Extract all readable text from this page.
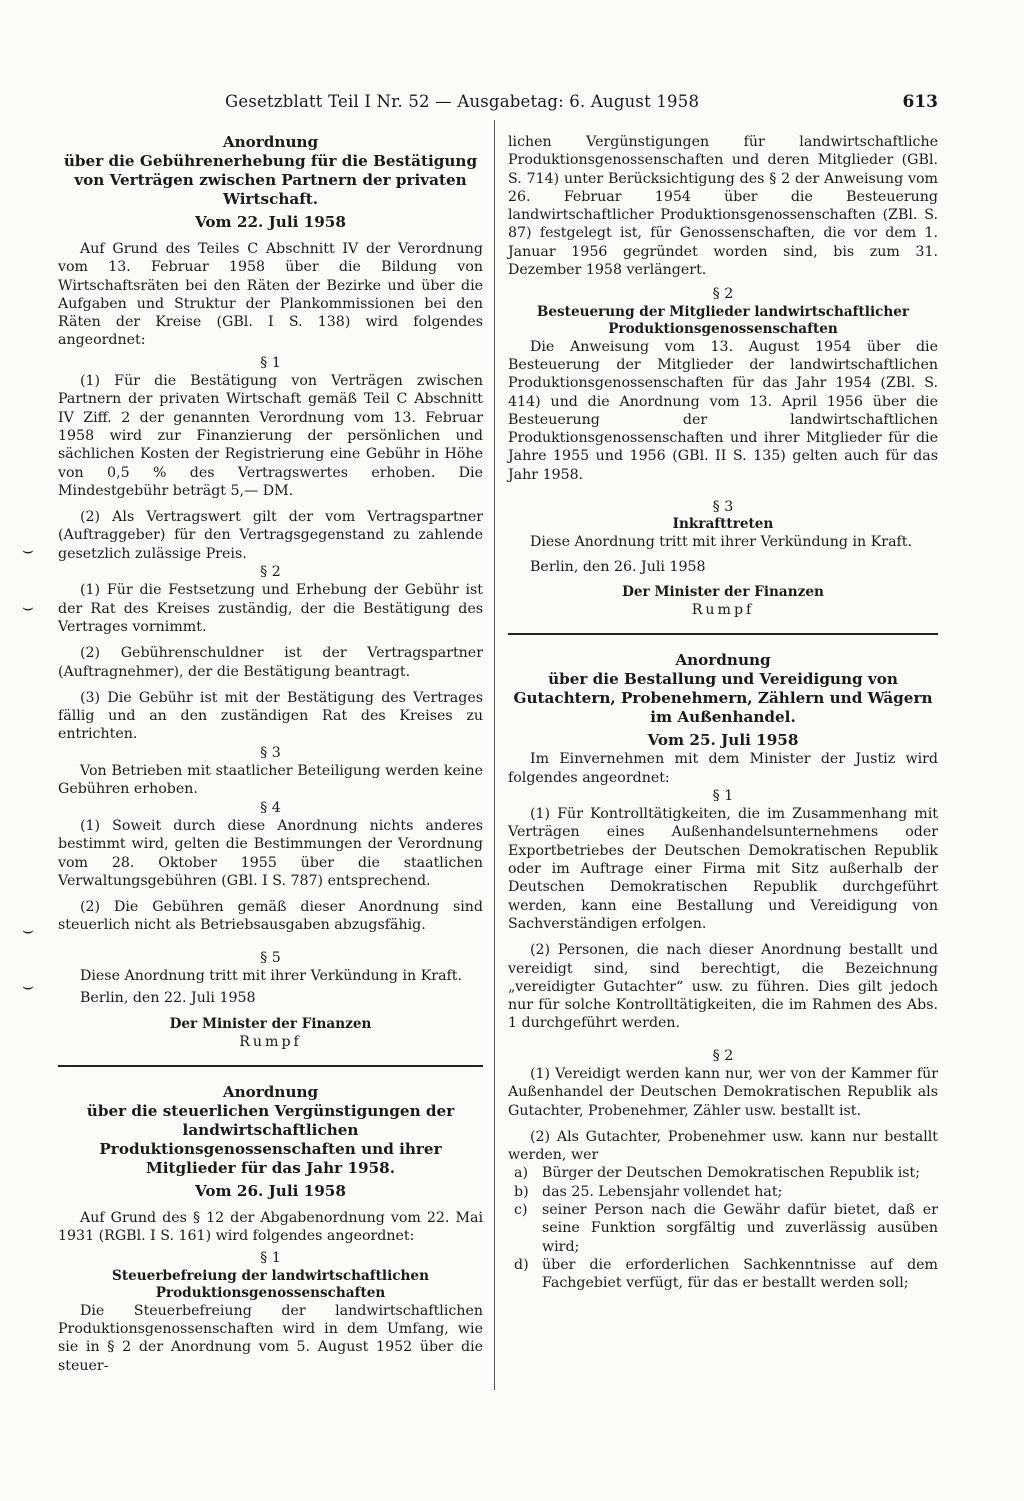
Gesetzblatt Teil I Nr. 52 — Ausgabetag: 6. August 1958	613
⌣
⌣
⌣
⌣

Anordnung

über die Gebührenerhebung für die Bestätigung von Verträgen zwischen Partnern der privaten Wirtschaft.

Vom 22. Juli 1958

Auf Grund des Teiles C Abschnitt IV der Verordnung vom 13. Februar 1958 über die Bildung von Wirtschaftsräten bei den Räten der Bezirke und über die Aufgaben und Struktur der Plankommissionen bei den Räten der Kreise (GBl. I S. 138) wird folgendes angeordnet:

§ 1

(1) Für die Bestätigung von Verträgen zwischen Partnern der privaten Wirtschaft gemäß Teil C Abschnitt IV Ziff. 2 der genannten Verordnung vom 13. Februar 1958 wird zur Finanzierung der persönlichen und sächlichen Kosten der Registrierung eine Gebühr in Höhe von 0,5 % des Vertragswertes erhoben. Die Mindestgebühr beträgt 5,— DM.

(2) Als Vertragswert gilt der vom Vertragspartner (Auftraggeber) für den Vertragsgegenstand zu zahlende gesetzlich zulässige Preis.

§ 2

(1) Für die Festsetzung und Erhebung der Gebühr ist der Rat des Kreises zuständig, der die Bestätigung des Vertrages vornimmt.

(2) Gebührenschuldner ist der Vertragspartner (Auftragnehmer), der die Bestätigung beantragt.

(3) Die Gebühr ist mit der Bestätigung des Vertrages fällig und an den zuständigen Rat des Kreises zu entrichten.

§ 3

Von Betrieben mit staatlicher Beteiligung werden keine Gebühren erhoben.

§ 4

(1) Soweit durch diese Anordnung nichts anderes bestimmt wird, gelten die Bestimmungen der Verordnung vom 28. Oktober 1955 über die staatlichen Verwaltungsgebühren (GBl. I S. 787) entsprechend.

(2) Die Gebühren gemäß dieser Anordnung sind steuerlich nicht als Betriebsausgaben abzugsfähig.

§ 5

Diese Anordnung tritt mit ihrer Verkündung in Kraft.

Berlin, den 22. Juli 1958

Der Minister der Finanzen

Rumpf

Anordnung

über die steuerlichen Vergünstigungen der landwirtschaftlichen Produktionsgenossenschaften und ihrer Mitglieder für das Jahr 1958.

Vom 26. Juli 1958

Auf Grund des § 12 der Abgabenordnung vom 22. Mai 1931 (RGBl. I S. 161) wird folgendes angeordnet:

§ 1

Steuerbefreiung der landwirtschaftlichen Produktionsgenossenschaften

Die Steuerbefreiung der landwirtschaftlichen Produktionsgenossenschaften wird in dem Umfang, wie sie in § 2 der Anordnung vom 5. August 1952 über die steuer-

lichen Vergünstigungen für landwirtschaftliche Produktionsgenossenschaften und deren Mitglieder (GBl. S. 714) unter Berücksichtigung des § 2 der Anweisung vom 26. Februar 1954 über die Besteuerung landwirtschaftlicher Produktionsgenossenschaften (ZBl. S. 87) festgelegt ist, für Genossenschaften, die vor dem 1. Januar 1956 gegründet worden sind, bis zum 31. Dezember 1958 verlängert.

§ 2

Besteuerung der Mitglieder landwirtschaftlicher Produktionsgenossenschaften

Die Anweisung vom 13. August 1954 über die Besteuerung der Mitglieder der landwirtschaftlichen Produktionsgenossenschaften für das Jahr 1954 (ZBl. S. 414) und die Anordnung vom 13. April 1956 über die Besteuerung der landwirtschaftlichen Produktionsgenossenschaften und ihrer Mitglieder für die Jahre 1955 und 1956 (GBl. II S. 135) gelten auch für das Jahr 1958.

§ 3

Inkrafttreten

Diese Anordnung tritt mit ihrer Verkündung in Kraft.

Berlin, den 26. Juli 1958

Der Minister der Finanzen

Rumpf

Anordnung

über die Bestallung und Vereidigung von Gutachtern, Probenehmern, Zählern und Wägern im Außenhandel.

Vom 25. Juli 1958

Im Einvernehmen mit dem Minister der Justiz wird folgendes angeordnet:

§ 1

(1) Für Kontrolltätigkeiten, die im Zusammenhang mit Verträgen eines Außenhandelsunternehmens oder Exportbetriebes der Deutschen Demokratischen Republik oder im Auftrage einer Firma mit Sitz außerhalb der Deutschen Demokratischen Republik durchgeführt werden, kann eine Bestallung und Vereidigung von Sachverständigen erfolgen.

(2) Personen, die nach dieser Anordnung bestallt und vereidigt sind, sind berechtigt, die Bezeichnung „vereidigter Gutachter“ usw. zu führen. Dies gilt jedoch nur für solche Kontrolltätigkeiten, die im Rahmen des Abs. 1 durchgeführt werden.

§ 2

(1) Vereidigt werden kann nur, wer von der Kammer für Außenhandel der Deutschen Demokratischen Republik als Gutachter, Probenehmer, Zähler usw. bestallt ist.

(2) Als Gutachter, Probenehmer usw. kann nur bestallt werden, wer

a) Bürger der Deutschen Demokratischen Republik ist;
b) das 25. Lebensjahr vollendet hat;
c)	seiner Person nach die Gewähr dafür bietet, daß er seine Funktion sorgfältig und zuverlässig ausüben wird;
d) über die erforderlichen Sachkenntnisse auf dem Fachgebiet verfügt, für das er bestallt werden soll;
